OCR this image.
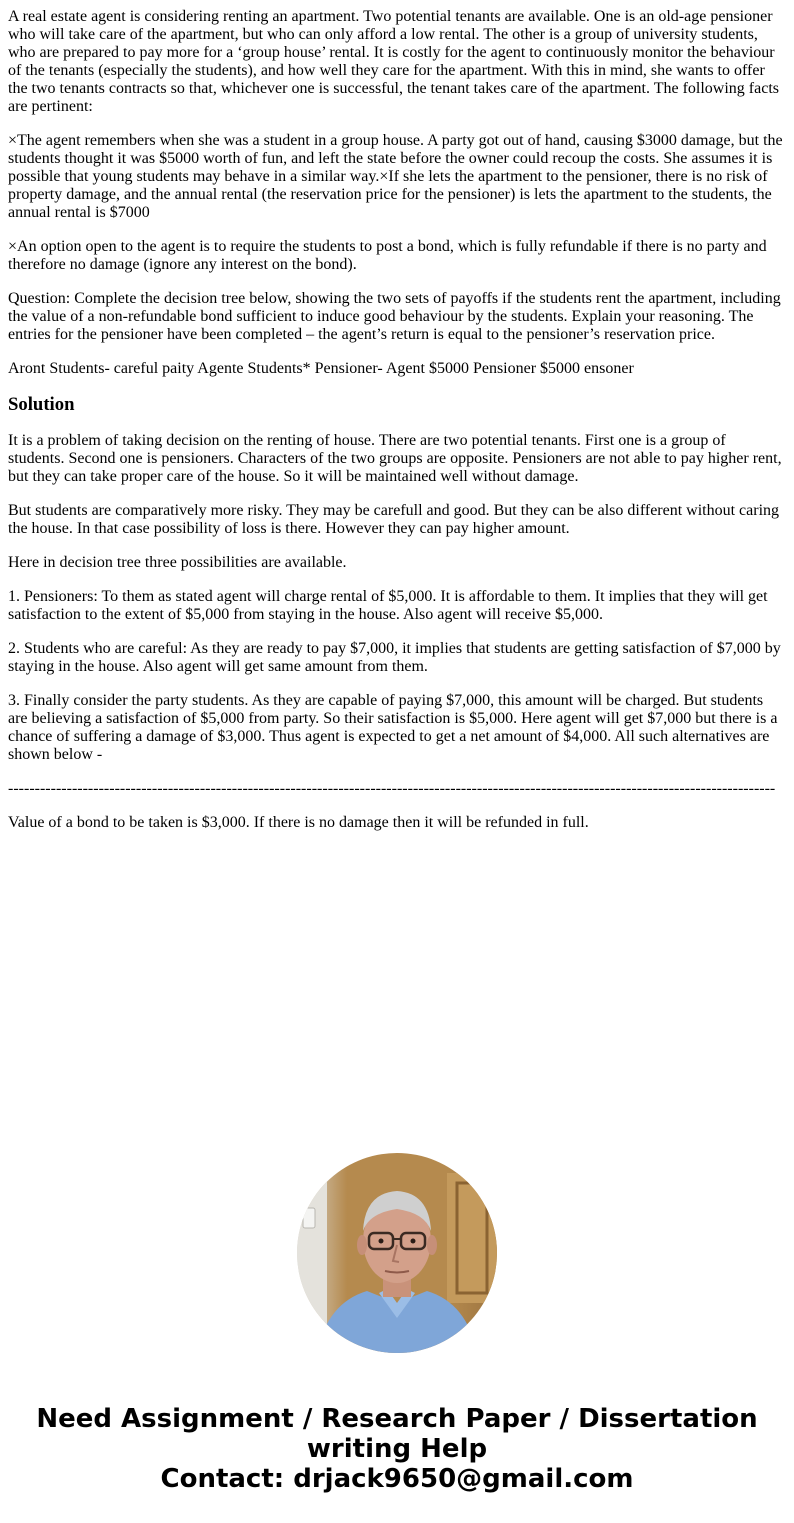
A real estate agent is considering renting an apartment. Two potential tenants are available. One is an old-age pensioner who will take care of the apartment, but who can only afford a low rental. The other is a group of university students, who are prepared to pay more for a ‘group house’ rental. It is costly for the agent to continuously monitor the behaviour of the tenants (especially the students), and how well they care for the apartment. With this in mind, she wants to offer the two tenants contracts so that, whichever one is successful, the tenant takes care of the apartment. The following facts are pertinent:

×The agent remembers when she was a student in a group house. A party got out of hand, causing $3000 damage, but the students thought it was $5000 worth of fun, and left the state before the owner could recoup the costs. She assumes it is possible that young students may behave in a similar way.×If she lets the apartment to the pensioner, there is no risk of property damage, and the annual rental (the reservation price for the pensioner) is lets the apartment to the students, the annual rental is $7000

×An option open to the agent is to require the students to post a bond, which is fully refundable if there is no party and therefore no damage (ignore any interest on the bond).

Question: Complete the decision tree below, showing the two sets of payoffs if the students rent the apartment, including the value of a non-refundable bond sufficient to induce good behaviour by the students. Explain your reasoning. The entries for the pensioner have been completed – the agent’s return is equal to the pensioner’s reservation price.

Aront Students- careful paity Agente Students* Pensioner- Agent $5000 Pensioner $5000 ensoner

Solution

It is a problem of taking decision on the renting of house. There are two potential tenants. First one is a group of students. Second one is pensioners. Characters of the two groups are opposite. Pensioners are not able to pay higher rent, but they can take proper care of the house. So it will be maintained well without damage.

But students are comparatively more risky. They may be carefull and good. But they can be also different without caring the house. In that case possibility of loss is there. However they can pay higher amount.

Here in decision tree three possibilities are available.

1. Pensioners: To them as stated agent will charge rental of $5,000. It is affordable to them. It implies that they will get satisfaction to the extent of $5,000 from staying in the house. Also agent will receive $5,000.

2. Students who are careful: As they are ready to pay $7,000, it implies that students are getting satisfaction of $7,000 by staying in the house. Also agent will get same amount from them.

3. Finally consider the party students. As they are capable of paying $7,000, this amount will be charged. But students are believing a satisfaction of $5,000 from party. So their satisfaction is $5,000. Here agent will get $7,000 but there is a chance of suffering a damage of $3,000. Thus agent is expected to get a net amount of $4,000. All such alternatives are shown below -

------------------------------------------------------------------------------------------------------------------------------------------------

Value of a bond to be taken is $3,000. If there is no damage then it will be refunded in full.

Need Assignment / Research Paper / Dissertation
writing Help
Contact: drjack9650@gmail.com
